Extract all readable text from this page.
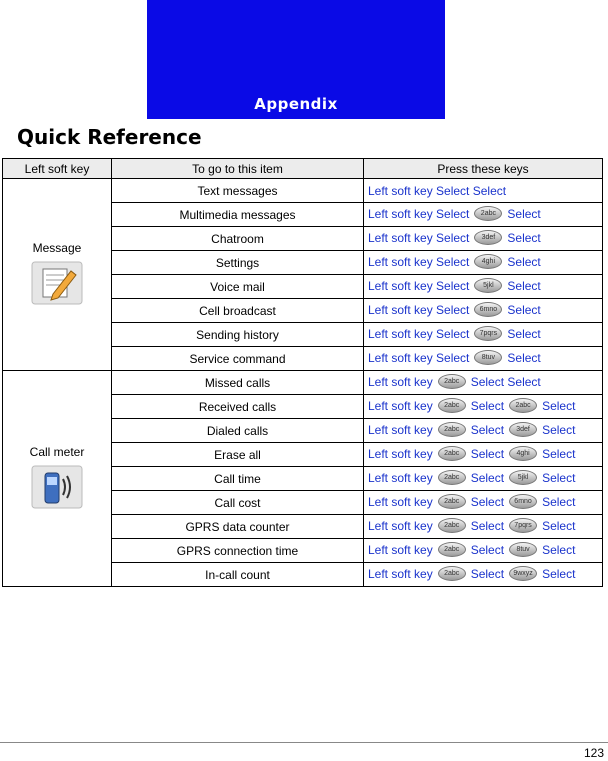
Appendix
Quick Reference
Left soft key	To go to this item	Press these keys

Message	Text messages	Left soft key Select Select
	Multimedia messages	Left soft key Select 2abc Select
	Chatroom	Left soft key Select 3def Select
	Settings	Left soft key Select 4ghi Select
	Voice mail	Left soft key Select 5jkl Select
	Cell broadcast	Left soft key Select 6mno Select
	Sending history	Left soft key Select 7pqrs Select
	Service command	Left soft key Select 8tuv Select

Call meter	Missed calls	Left soft key 2abc Select Select
	Received calls	Left soft key 2abc Select 2abc Select
	Dialed calls	Left soft key 2abc Select 3def Select
	Erase all	Left soft key 2abc Select 4ghi Select
	Call time	Left soft key 2abc Select 5jkl Select
	Call cost	Left soft key 2abc Select 6mno Select
	GPRS data counter	Left soft key 2abc Select 7pqrs Select
	GPRS connection time	Left soft key 2abc Select 8tuv Select
	In-call count	Left soft key 2abc Select 9wxyz Select
123
